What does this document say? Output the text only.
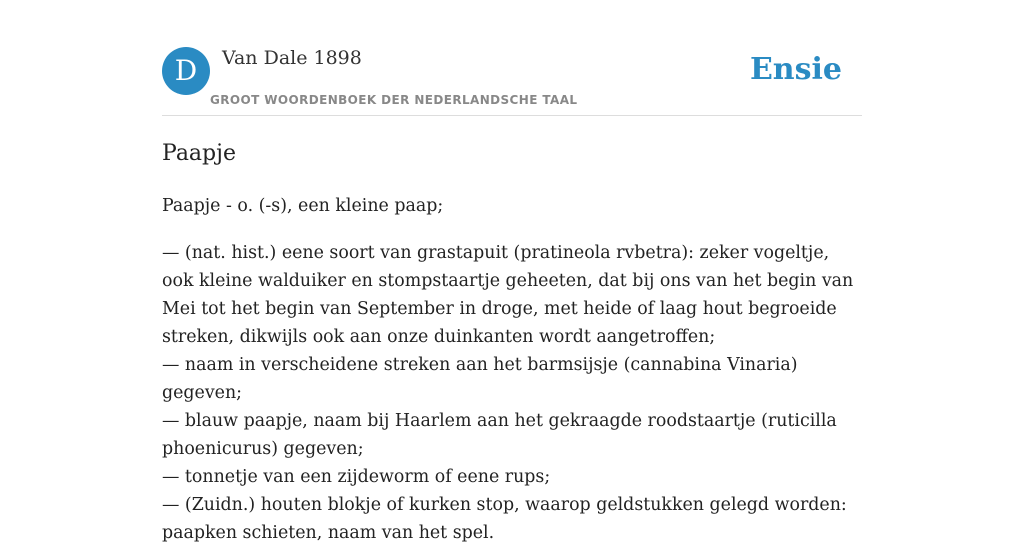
D	Van Dale 1898
GROOT WOORDENBOEK DER NEDERLANDSCHE TAAL
Ensie
Paapje

Paapje - o. (-s), een kleine paap;

— (nat. hist.) eene soort van grastapuit (pratineola rvbetra): zeker vogeltje, ook kleine walduiker en stompstaartje geheeten, dat bij ons van het begin van Mei tot het begin van September in droge, met heide of laag hout begroeide streken, dikwijls ook aan onze duinkanten wordt aangetroffen;

— naam in verscheidene streken aan het barmsijsje (cannabina Vinaria) gegeven;

— blauw paapje, naam bij Haarlem aan het gekraagde roodstaartje (ruticilla phoenicurus) gegeven;

— tonnetje van een zijdeworm of eene rups;

— (Zuidn.) houten blokje of kurken stop, waarop geldstukken gelegd worden: paapken schieten, naam van het spel.
